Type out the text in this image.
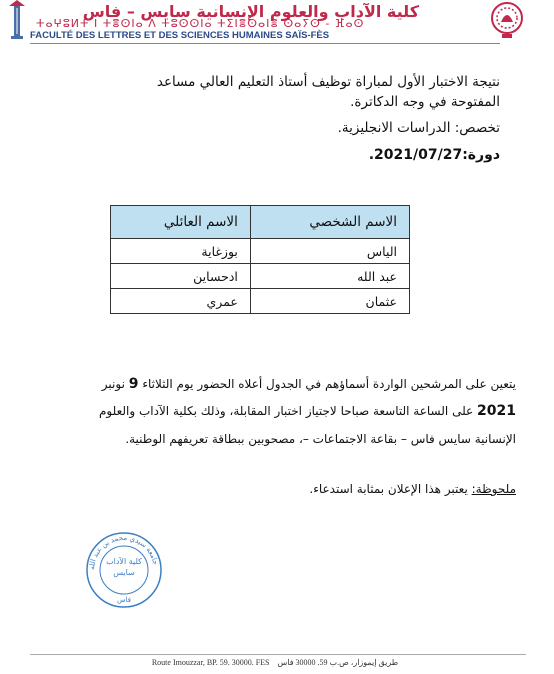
كلية الآداب والعلوم الإنسانية سايس – فاس
ⵜⴰⵖⵓⵍⵜ ⵏ ⵜⴻⵙⵏⴰ ⴷ ⵜⵓⵙⵙⵏⴰ ⵜⵉⵏⴻⵙⴰⵏⴻ ⵙⴰⵢⵙ - ⴼⴰⵙ
FACULTÉ DES LETTRES ET DES SCIENCES HUMAINES SAÏS-FÈS
نتيجة الاختبار الأول لمباراة توظيف أستاذ التعليم العالي مساعد
المفتوحة في وجه الدكاترة.
تخصص: الدراسات الانجليزية.
دورة:2021/07/27.
الاسم الشخصي	الاسم العائلي
الياس	بوزغاية
عبد الله	ادحساين
عثمان	عمري
يتعين على المرشحين الواردة أسماؤهم في الجدول أعلاه الحضور يوم الثلاثاء 9 نونبر
2021 على الساعة التاسعة صباحا لاجتياز اختبار المقابلة، وذلك بكلية الآداب والعلوم
الإنسانية سايس فاس – بقاعة الاجتماعات –، مصحوبين ببطاقة تعريفهم الوطنية.
ملحوظة: يعتبر هذا الإعلان بمثابة استدعاء.
جامعة سيدي محمد بن عبد الله
كلية الآداب
سايس
فاس
Route Imouzzar, BP. 59. 30000. FES طريق إيموزار، ص.ب 59. 30000 فاس
